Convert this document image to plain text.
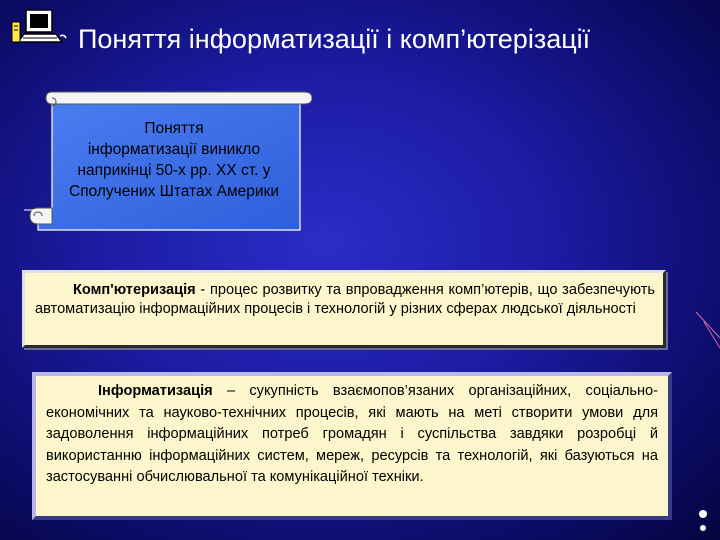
Поняття інформатизації і комп’ютерізації
Поняття
інформатизації виникло наприкінці 50-х рр. ХХ ст. у Сполучених Штатах Америки

Комп'ютеризація - процес розвитку та впровадження комп’ютерів, що забезпечують автоматизацію інформаційних процесів і технологій у різних сферах людської діяльності

Інформатизація – сукупність взаємопов’язаних організаційних, соціально-економічних та науково-технічних процесів, які мають на меті створити умови для задоволення інформаційних потреб громадян і суспільства завдяки розробці й використанню інформаційних систем, мереж, ресурсів та технологій, які базуються на застосуванні обчислювальної та комунікаційної техніки.
